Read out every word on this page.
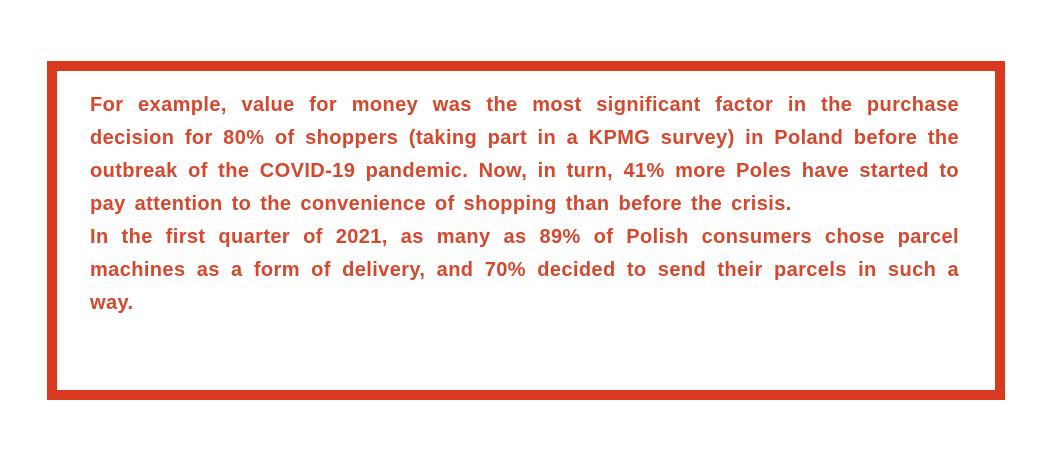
For example, value for money was the most significant factor in the purchase decision for 80% of shoppers (taking part in a KPMG survey) in Poland before the outbreak of the COVID-19 pandemic. Now, in turn, 41% more Poles have started to pay attention to the convenience of shopping than before the crisis.

In the first quarter of 2021, as many as 89% of Polish consumers chose parcel machines as a form of delivery, and 70% decided to send their parcels in such a way.
